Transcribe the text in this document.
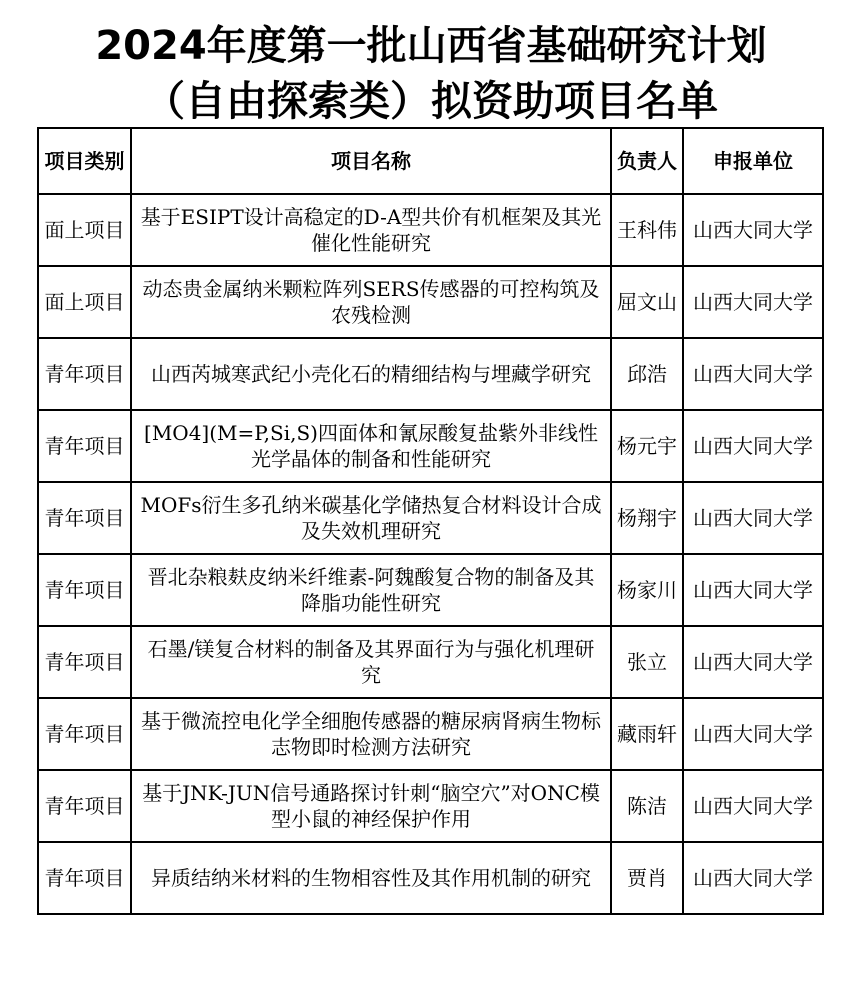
2024年度第一批山西省基础研究计划
（自由探索类）拟资助项目名单
项目类别	项目名称	负责人	申报单位
面上项目	基于ESIPT设计高稳定的D-A型共价有机框架及其光催化性能研究	王科伟	山西大同大学
面上项目	动态贵金属纳米颗粒阵列SERS传感器的可控构筑及农残检测	屈文山	山西大同大学
青年项目	山西芮城寒武纪小壳化石的精细结构与埋藏学研究	邱浩	山西大同大学
青年项目	[MO4](M=P,Si,S)四面体和氰尿酸复盐紫外非线性光学晶体的制备和性能研究	杨元宇	山西大同大学
青年项目	MOFs衍生多孔纳米碳基化学储热复合材料设计合成及失效机理研究	杨翔宇	山西大同大学
青年项目	晋北杂粮麸皮纳米纤维素-阿魏酸复合物的制备及其降脂功能性研究	杨家川	山西大同大学
青年项目	石墨/镁复合材料的制备及其界面行为与强化机理研究	张立	山西大同大学
青年项目	基于微流控电化学全细胞传感器的糖尿病肾病生物标志物即时检测方法研究	藏雨轩	山西大同大学
青年项目	基于JNK-JUN信号通路探讨针刺“脑空穴”对ONC模型小鼠的神经保护作用	陈洁	山西大同大学
青年项目	异质结纳米材料的生物相容性及其作用机制的研究	贾肖	山西大同大学
